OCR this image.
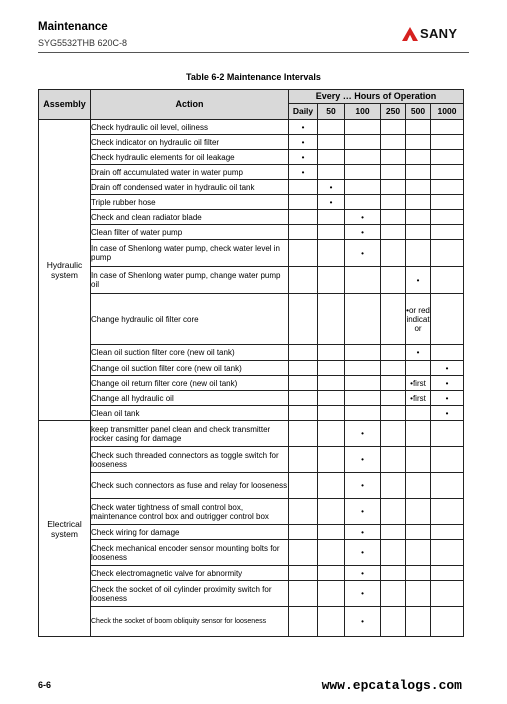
Maintenance
SYG5532THB 620C-8
SANY
Table 6-2 Maintenance Intervals
Assembly	Action	Every … Hours of Operation					
		Daily	50	100	250	500	1000
Hydraulic system	Check hydraulic oil level, oiliness	•					
	Check indicator on hydraulic oil filter	•					
	Check hydraulic elements for oil leakage	•					
	Drain off accumulated water in water pump	•					
	Drain off condensed water in hydraulic oil tank		•				
	Triple rubber hose		•				
	Check and clean radiator blade			•			
	Clean filter of water pump			•			
	In case of Shenlong water pump, check water level in pump			•			
	In case of Shenlong water pump, change water pump oil					•	
	Change hydraulic oil filter core					•or red indicator	
	Clean oil suction filter core (new oil tank)					•	
	Change oil suction filter core (new oil tank)						•
	Change oil return filter core (new oil tank)					•first	•
	Change all hydraulic oil					•first	•
	Clean oil tank						•
Electrical system	keep transmitter panel clean and check transmitter rocker casing for damage			•			
	Check such threaded connectors as toggle switch for looseness			•			
	Check such connectors as fuse and relay for looseness			•			
	Check water tightness of small control box, maintenance control box and outrigger control box			•			
	Check wiring for damage			•			
	Check mechanical encoder sensor mounting bolts for looseness			•			
	Check electromagnetic valve for abnormity			•			
	Check the socket of oil cylinder proximity switch for looseness			•			
	Check the socket of boom obliquity sensor for looseness			•			
6-6	www.epcatalogs.com
